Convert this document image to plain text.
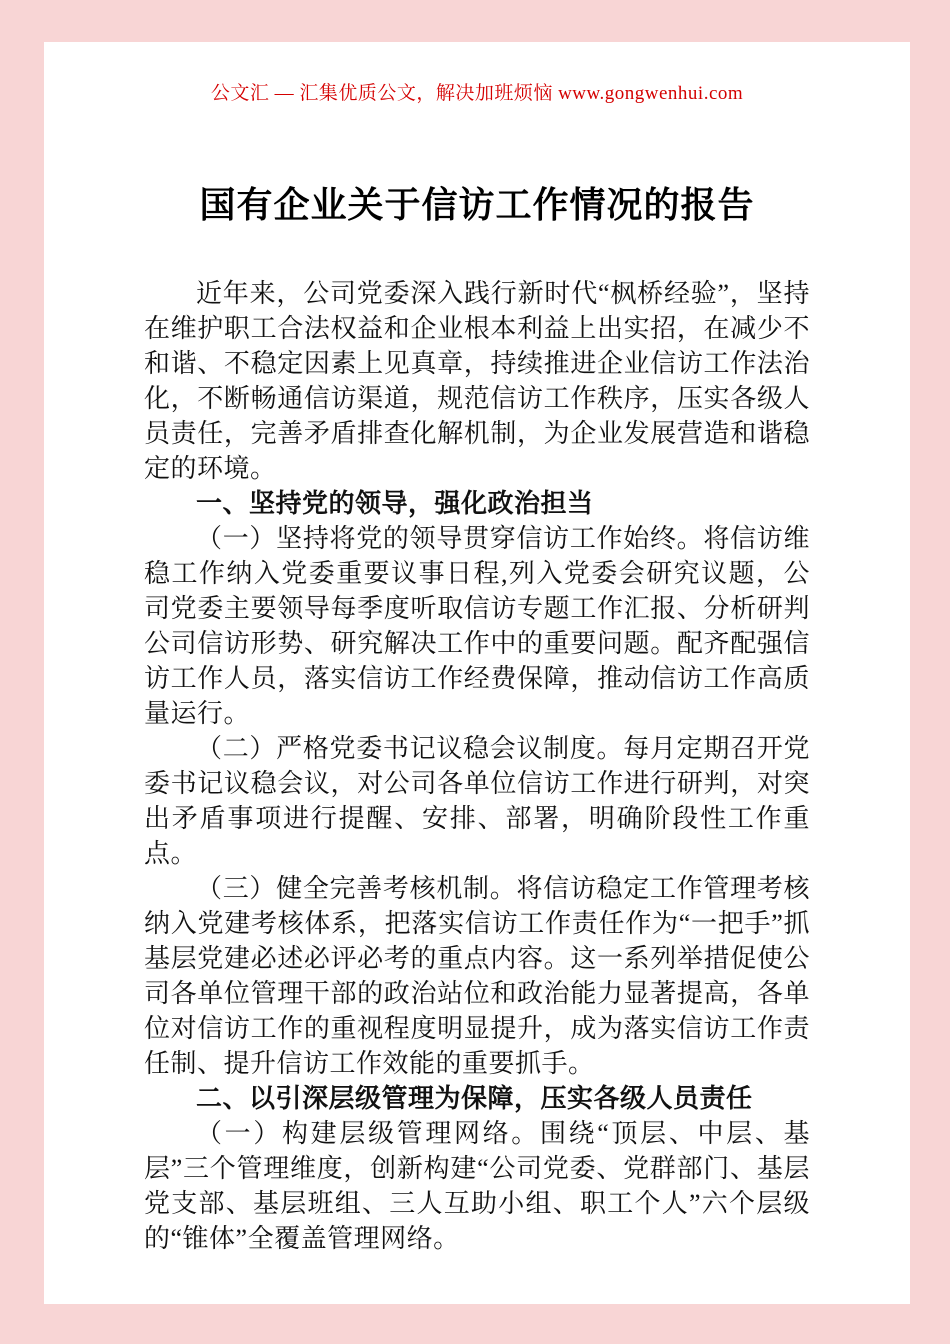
公文汇 — 汇集优质公文，解决加班烦恼 www.gongwenhui.com
国有企业关于信访工作情况的报告

近年来，公司党委深入践行新时代“枫桥经验”，坚持在维护职工合法权益和企业根本利益上出实招，在减少不和谐、不稳定因素上见真章，持续推进企业信访工作法治化，不断畅通信访渠道，规范信访工作秩序，压实各级人员责任，完善矛盾排查化解机制，为企业发展营造和谐稳定的环境。

一、坚持党的领导，强化政治担当

（一）坚持将党的领导贯穿信访工作始终。将信访维稳工作纳入党委重要议事日程,列入党委会研究议题，公司党委主要领导每季度听取信访专题工作汇报、分析研判公司信访形势、研究解决工作中的重要问题。配齐配强信访工作人员，落实信访工作经费保障，推动信访工作高质量运行。

（二）严格党委书记议稳会议制度。每月定期召开党委书记议稳会议，对公司各单位信访工作进行研判，对突出矛盾事项进行提醒、安排、部署，明确阶段性工作重点。

（三）健全完善考核机制。将信访稳定工作管理考核纳入党建考核体系，把落实信访工作责任作为“一把手”抓基层党建必述必评必考的重点内容。这一系列举措促使公司各单位管理干部的政治站位和政治能力显著提高，各单位对信访工作的重视程度明显提升，成为落实信访工作责任制、提升信访工作效能的重要抓手。

二、以引深层级管理为保障，压实各级人员责任

（一）构建层级管理网络。围绕“顶层、中层、基层”三个管理维度，创新构建“公司党委、党群部门、基层党支部、基层班组、三人互助小组、职工个人”六个层级的“锥体”全覆盖管理网络。
